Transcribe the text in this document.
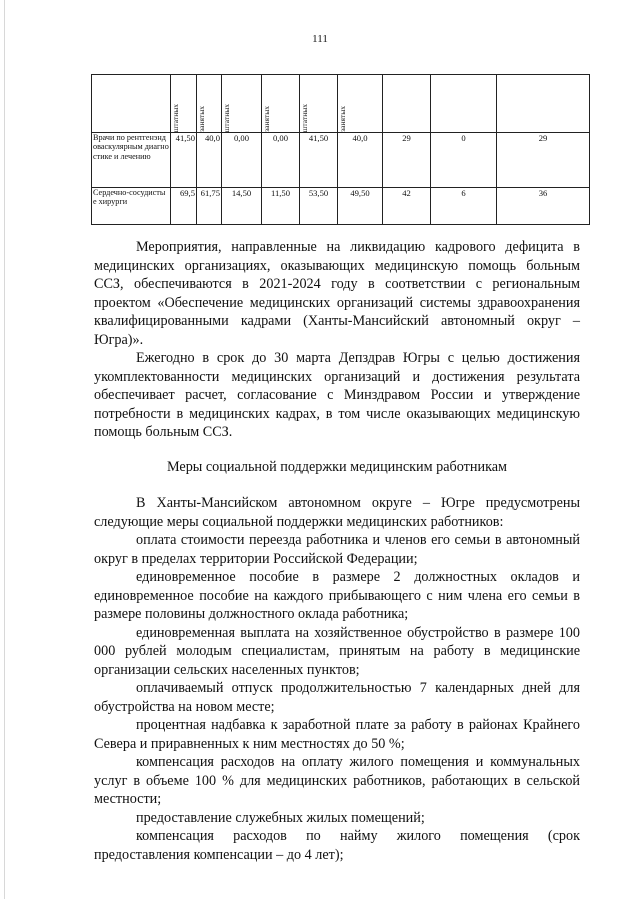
111

	штатных	занятых	штатных	занятых	штатных	занятых			

Врачи по рентгенэндоваскулярным диагностике и лечению	41,50	40,0	0,00	0,00	41,50	40,0	29	0	29
Сердечно-сосудистые хирурги	69,5	61,75	14,50	11,50	53,50	49,50	42	6	36

Мероприятия, направленные на ликвидацию кадрового дефицита в медицинских организациях, оказывающих медицинскую помощь больным ССЗ, обеспечиваются в 2021-2024 году в соответствии с региональным проектом «Обеспечение медицинских организаций системы здравоохранения квалифицированными кадрами (Ханты-Мансийский автономный округ – Югра)».

Ежегодно в срок до 30 марта Депздрав Югры с целью достижения укомплектованности медицинских организаций и достижения результата обеспечивает расчет, согласование с Минздравом России и утверждение потребности в медицинских кадрах, в том числе оказывающих медицинскую помощь больным ССЗ.

Меры социальной поддержки медицинским работникам

В Ханты-Мансийском автономном округе – Югре предусмотрены следующие меры социальной поддержки медицинских работников:

оплата стоимости переезда работника и членов его семьи в автономный округ в пределах территории Российской Федерации;

единовременное пособие в размере 2 должностных окладов и единовременное пособие на каждого прибывающего с ним члена его семьи в размере половины должностного оклада работника;

единовременная выплата на хозяйственное обустройство в размере 100 000 рублей молодым специалистам, принятым на работу в медицинские организации сельских населенных пунктов;

оплачиваемый отпуск продолжительностью 7 календарных дней для обустройства на новом месте;

процентная надбавка к заработной плате за работу в районах Крайнего Севера и приравненных к ним местностях до 50 %;

компенсация расходов на оплату жилого помещения и коммунальных услуг в объеме 100 % для медицинских работников, работающих в сельской местности;

предоставление служебных жилых помещений;

компенсация расходов по найму жилого помещения (срок предоставления компенсации – до 4 лет);
